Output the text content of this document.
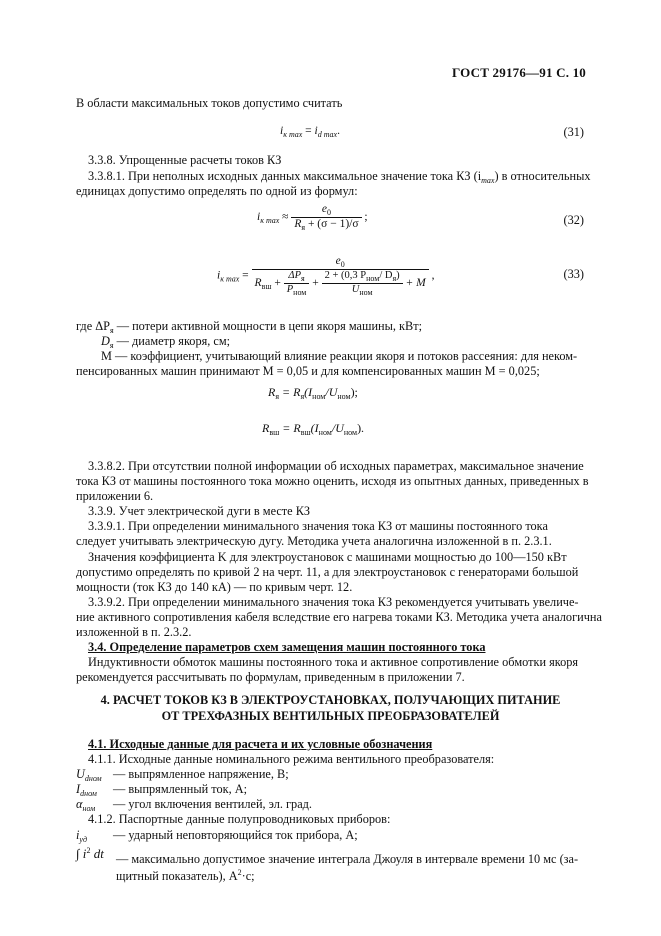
ГОСТ 29176—91 С. 10
В области максимальных токов допустимо считать
$i_{к max} = i_{d max}$.	(31)
3.3.8. Упрощенные расчеты токов КЗ
3.3.8.1. При неполных исходных данных максимальное значение тока КЗ $(i_{max})$ в относительных
единицах допустимо определять по одной из формул:
$i_{к max} \approx \frac{e_0}{R_я + (\sigma - 1)/\sigma}$ ;	(32)
$i_{к max}$ =
$e_0$
$R_{вш} + \frac{\Delta P_я}{P_{ном}} + \frac{2 + (0,3 P_{ном}/ D_я)}{U_{ном}} + M$
,	(33)
где $\Delta P_я$ — потери активной мощности в цепи якоря машины, кВт;
$D_я$ — диаметр якоря, см;
M — коэффициент, учитывающий влияние реакции якоря и потоков рассеяния: для неком-
пенсированных машин принимают M = 0,05 и для компенсированных машин M = 0,025;
$R_я = R_я(I_{ном}/U_{ном})$;
$R_{вш} = R_{вш}(I_{ном}/U_{ном})$.
3.3.8.2. При отсутствии полной информации об исходных параметрах, максимальное значение
тока КЗ от машины постоянного тока можно оценить, исходя из опытных данных, приведенных в
приложении 6.
3.3.9. Учет электрической дуги в месте КЗ
3.3.9.1. При определении минимального значения тока КЗ от машины постоянного тока
следует учитывать электрическую дугу. Методика учета аналогична изложенной в п. 2.3.1.
Значения коэффициента K для электроустановок с машинами мощностью до 100—150 кВт
допустимо определять по кривой 2 на черт. 11, а для электроустановок с генераторами большой
мощности (ток КЗ до 140 кА) — по кривым черт. 12.
3.3.9.2. При определении минимального значения тока КЗ рекомендуется учитывать увеличе-
ние активного сопротивления кабеля вследствие его нагрева токами КЗ. Методика учета аналогична
изложенной в п. 2.3.2.
3.4. Определение параметров схем замещения машин постоянного тока
Индуктивности обмоток машины постоянного тока и активное сопротивление обмотки якоря
рекомендуется рассчитывать по формулам, приведенным в приложении 7.
4. РАСЧЕТ ТОКОВ КЗ В ЭЛЕКТРОУСТАНОВКАХ, ПОЛУЧАЮЩИХ ПИТАНИЕ
ОТ ТРЕХФАЗНЫХ ВЕНТИЛЬНЫХ ПРЕОБРАЗОВАТЕЛЕЙ
4.1. Исходные данные для расчета и их условные обозначения
4.1.1. Исходные данные номинального режима вентильного преобразователя:
$U_{dном}$ — выпрямленное напряжение, В;
$I_{dном}$ — выпрямленный ток, А;
$\alpha_{ном}$ — угол включения вентилей, эл. град.
4.1.2. Паспортные данные полупроводниковых приборов:
$i_{уд}$ — ударный неповторяющийся ток прибора, А;
∫ $i^2$ dt — максимально допустимое значение интеграла Джоуля в интервале времени 10 мс (за-
щитный показатель), $А^2\cdot с$;
